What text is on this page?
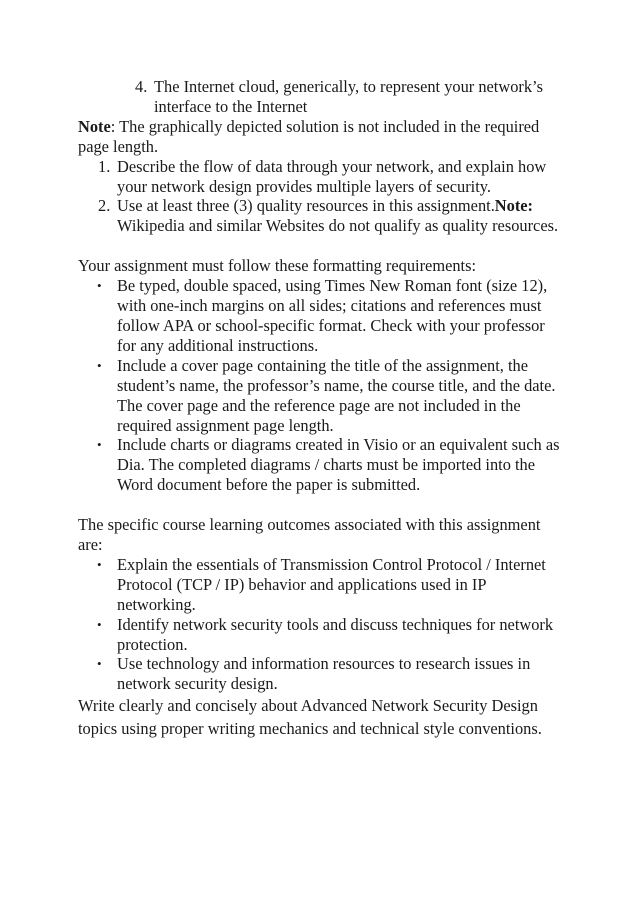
4. The Internet cloud, generically, to represent your network’s interface to the Internet

Note: The graphically depicted solution is not included in the required page length.

1. Describe the flow of data through your network, and explain how your network design provides multiple layers of security.
2. Use at least three (3) quality resources in this assignment.Note: Wikipedia and similar Websites do not qualify as quality resources.

Your assignment must follow these formatting requirements:

• Be typed, double spaced, using Times New Roman font (size 12), with one-inch margins on all sides; citations and references must follow APA or school-specific format. Check with your professor for any additional instructions.
• Include a cover page containing the title of the assignment, the student’s name, the professor’s name, the course title, and the date. The cover page and the reference page are not included in the required assignment page length.
• Include charts or diagrams created in Visio or an equivalent such as Dia. The completed diagrams / charts must be imported into the Word document before the paper is submitted.

The specific course learning outcomes associated with this assignment are:

• Explain the essentials of Transmission Control Protocol / Internet Protocol (TCP / IP) behavior and applications used in IP networking.
• Identify network security tools and discuss techniques for network protection.
• Use technology and information resources to research issues in network security design.

Write clearly and concisely about Advanced Network Security Design topics using proper writing mechanics and technical style conventions.
